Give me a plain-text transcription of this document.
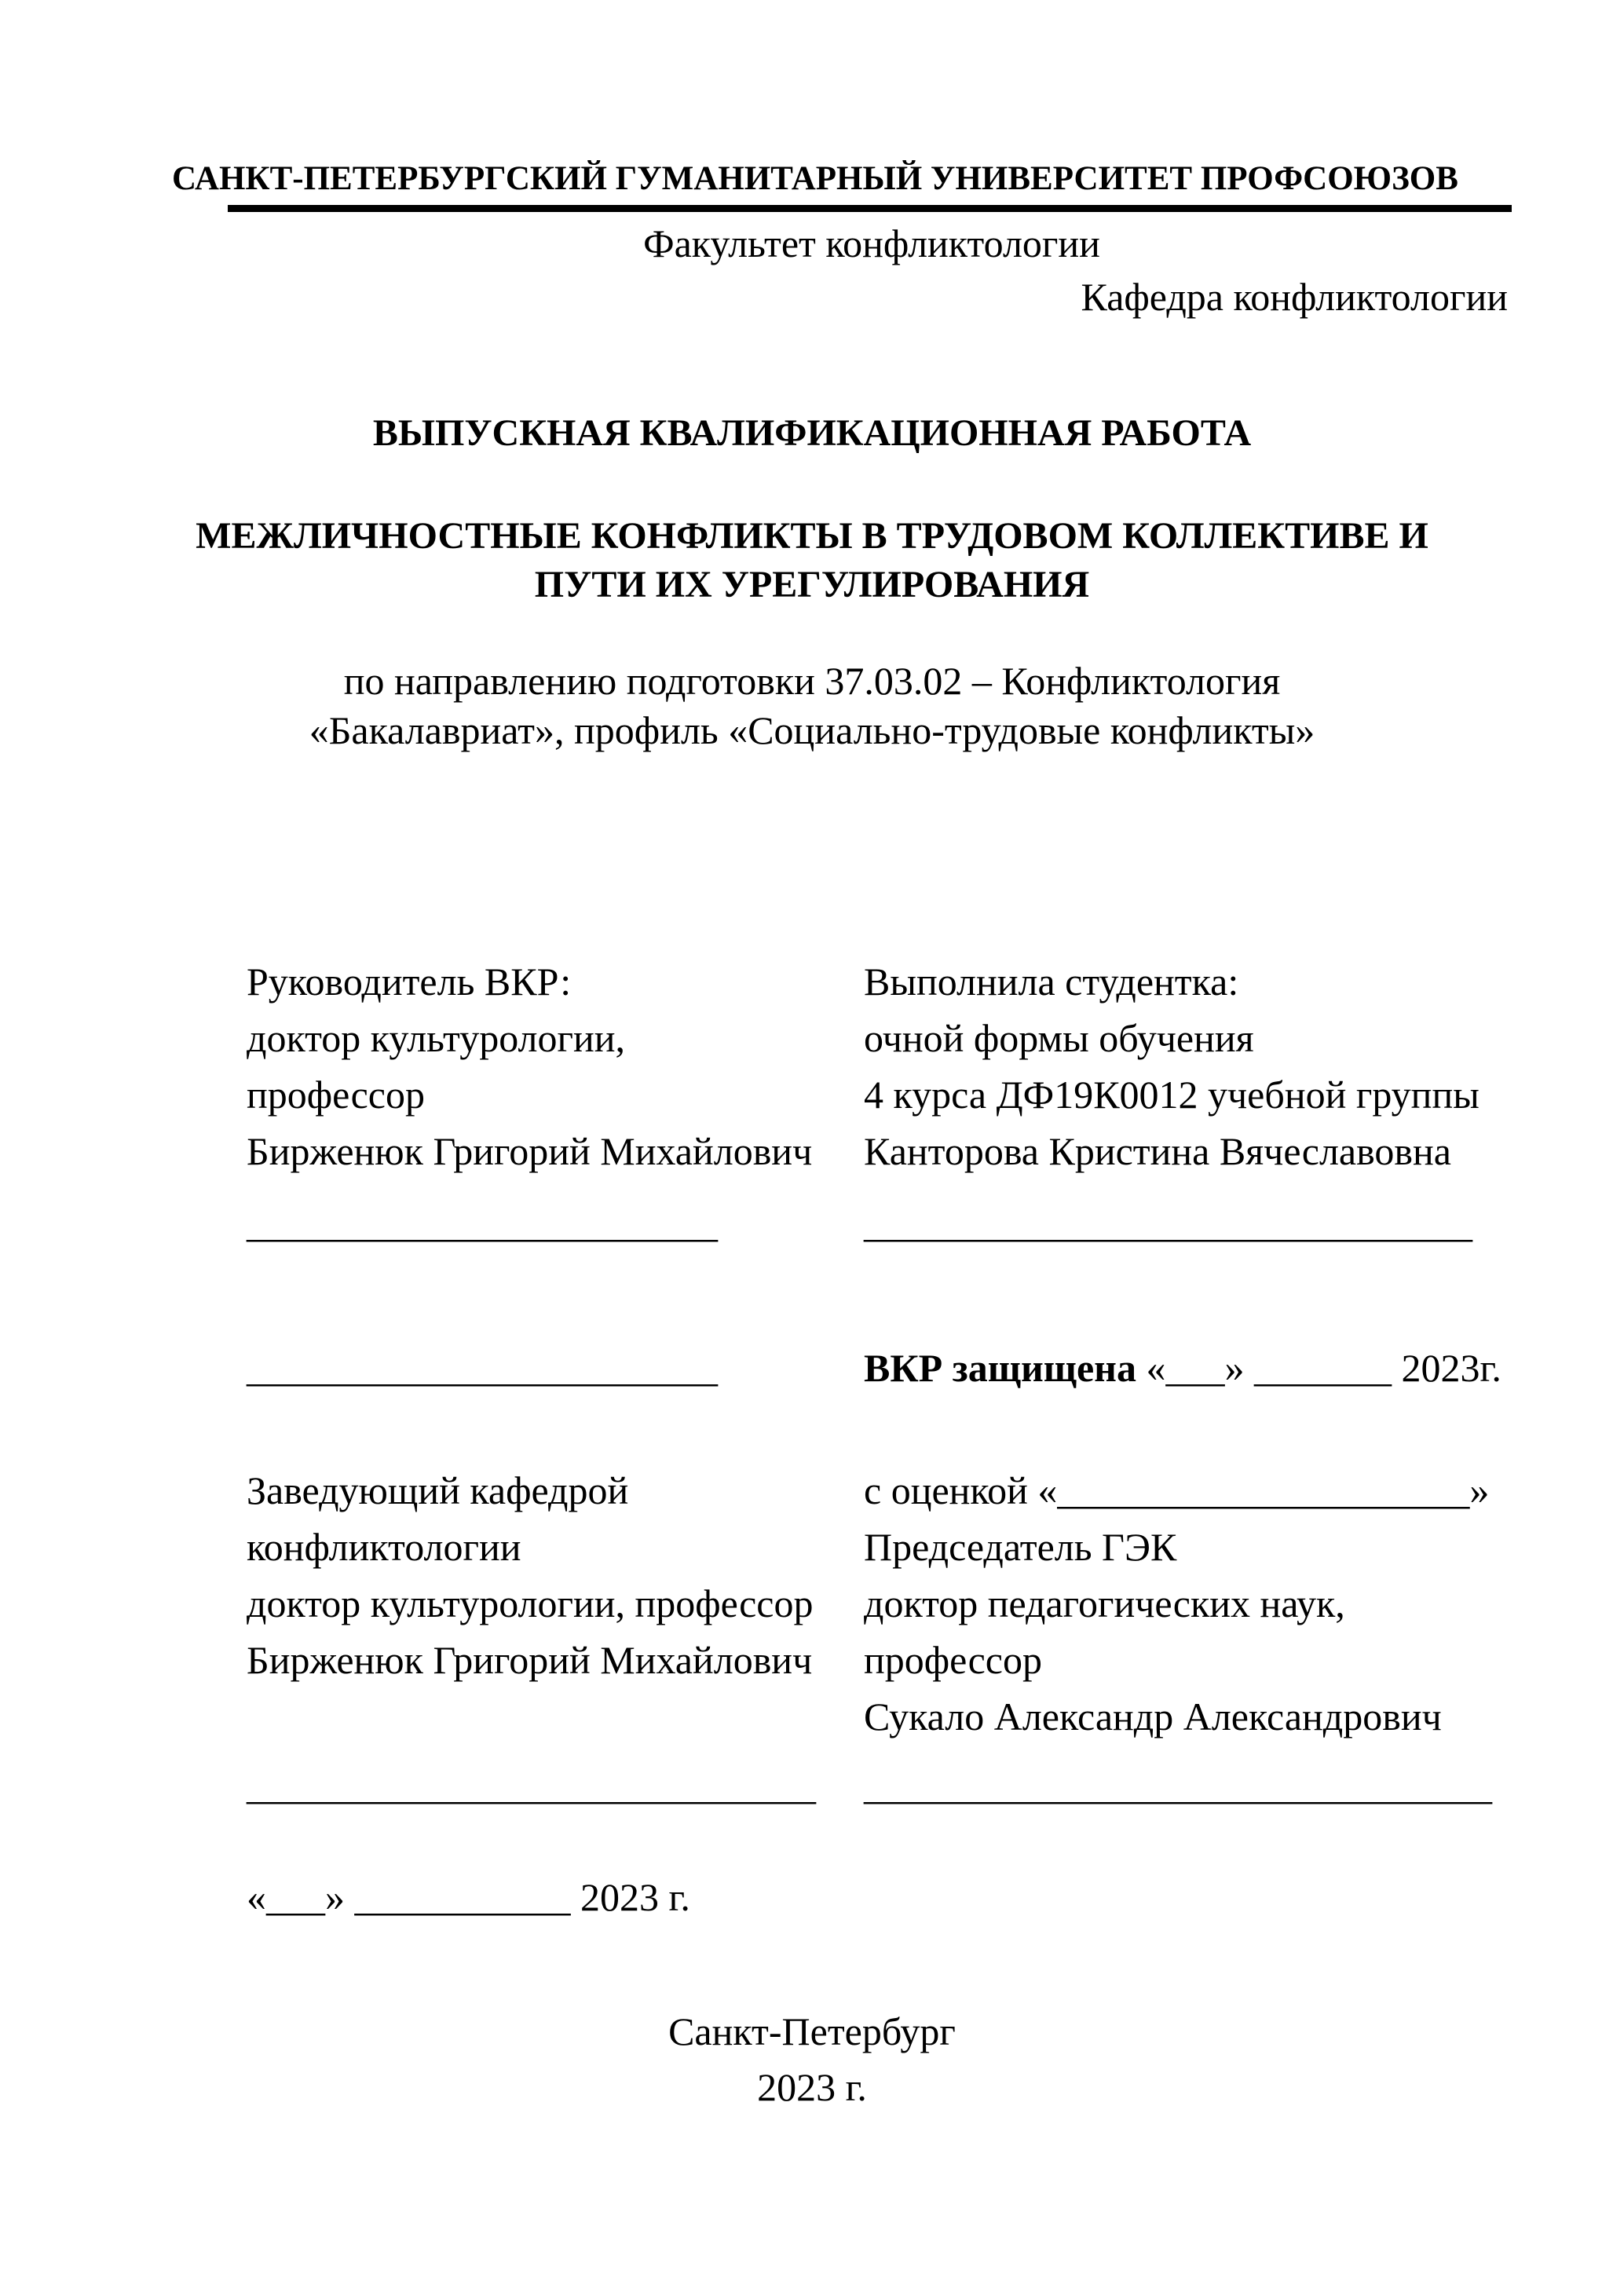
САНКТ-ПЕТЕРБУРГСКИЙ ГУМАНИТАРНЫЙ УНИВЕРСИТЕТ ПРОФСОЮЗОВ
Факультет конфликтологии
Кафедра конфликтологии
ВЫПУСКНАЯ КВАЛИФИКАЦИОННАЯ РАБОТА
МЕЖЛИЧНОСТНЫЕ КОНФЛИКТЫ В ТРУДОВОМ КОЛЛЕКТИВЕ И
ПУТИ ИХ УРЕГУЛИРОВАНИЯ
по направлению подготовки 37.03.02 – Конфликтология
«Бакалавриат», профиль «Социально-трудовые конфликты»
Руководитель ВКР:
доктор культурологии,
профессор
Бирженюк Григорий Михайлович
Выполнила студентка:
очной формы обучения
4 курса ДФ19К0012 учебной группы
Канторова Кристина Вячеславовна
________________________	_______________________________
________________________	ВКР защищена «___» _______ 2023г.
Заведующий кафедрой
конфликтологии
доктор культурологии, профессор
Бирженюк Григорий Михайлович
с оценкой «_____________________»
Председатель ГЭК
доктор педагогических наук,
профессор
Сукало Александр Александрович
_____________________________	________________________________
«___» ___________ 2023 г.
Санкт-Петербург
2023 г.
